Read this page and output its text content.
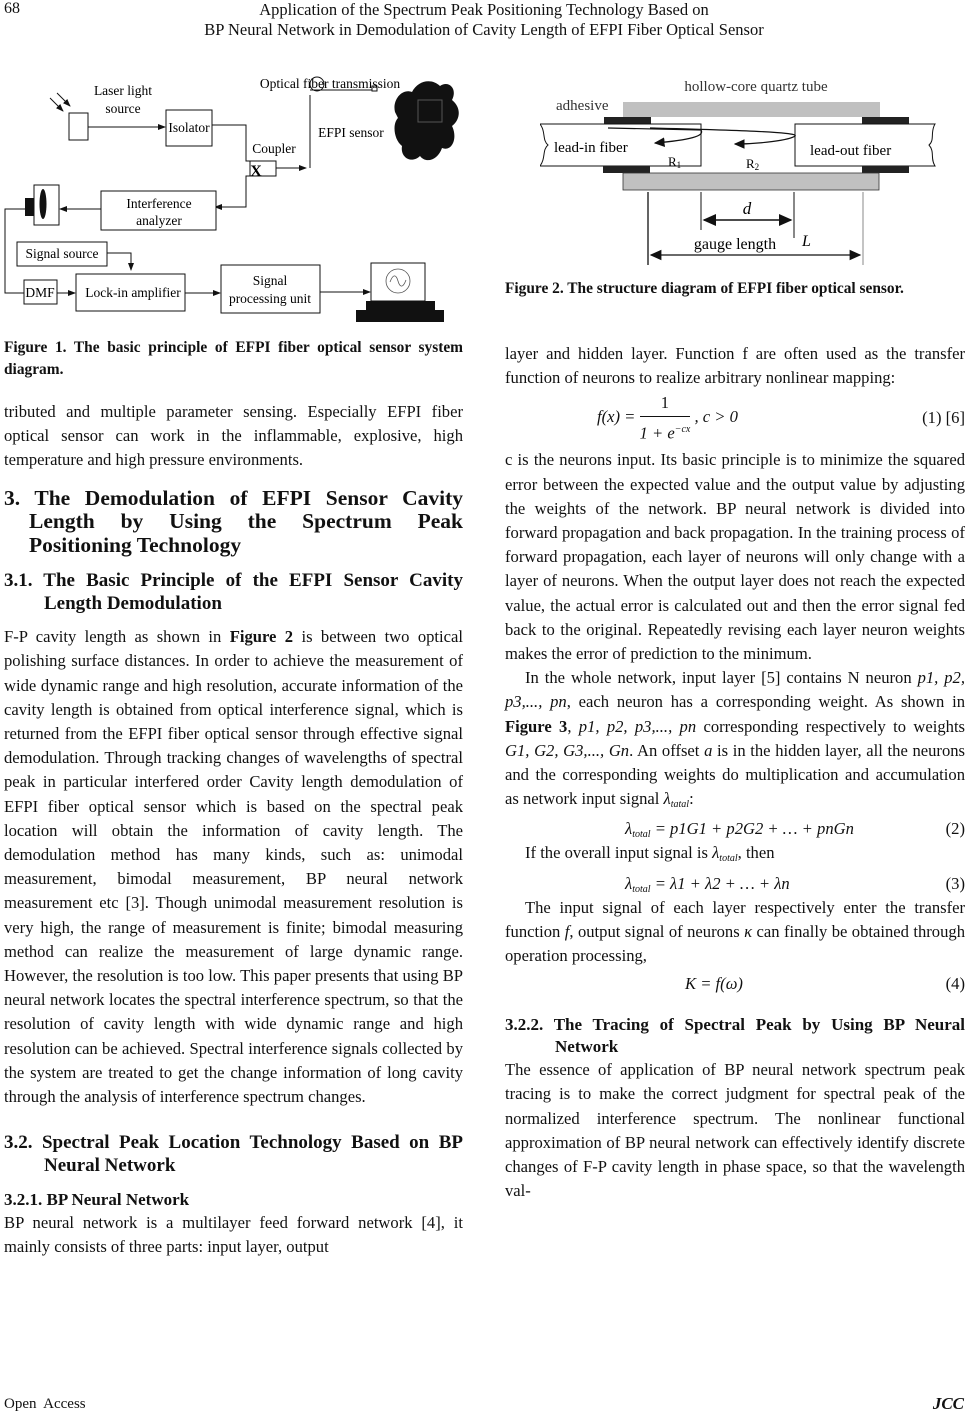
68	Application of the Spectrum Peak Positioning Technology Based on
BP Neural Network in Demodulation of Cavity Length of EFPI Fiber Optical Sensor
Laser light
source
Isolator
Coupler
X
Optical fiber transmission
EFPI sensor
Interference
analyzer
Signal source
DMF Lock-in amplifier
Signal
processing unit
Figure 1. The basic principle of EFPI fiber optical sensor system diagram.

tributed and multiple parameter sensing. Especially EFPI fiber optical sensor can work in the inflammable, explosive, high temperature and high pressure environments.

3. The Demodulation of EFPI Sensor Cavity Length by Using the Spectrum Peak Positioning Technology

3.1. The Basic Principle of the EFPI Sensor Cavity Length Demodulation

F-P cavity length as shown in Figure 2 is between two optical polishing surface distances. In order to achieve the measurement of wide dynamic range and high resolution, accurate information of the cavity length is obtained from optical interference signal, which is returned from the EFPI fiber optical sensor through effective signal demodulation. Through tracking changes of wavelengths of spectral peak in particular interfered order Cavity length demodulation of EFPI fiber optical sensor which is based on the spectral peak location will obtain the information of cavity length. The demodulation method has many kinds, such as: unimodal measurement, bimodal measurement, BP neural network measurement etc [3]. Though unimodal measurement resolution is very high, the range of measurement is finite; bimodal measuring method can realize the measurement of large dynamic range. However, the resolution is too low. This paper presents that using BP neural network locates the spectral interference spectrum, so that the resolution of cavity length with wide dynamic range and high resolution can be achieved. Spectral interference signals collected by the system are treated to get the change information of long cavity through the analysis of interference spectrum changes.

3.2. Spectral Peak Location Technology Based on BP Neural Network

3.2.1. BP Neural Network

BP neural network is a multilayer feed forward network [4], it mainly consists of three parts: input layer, output

hollow-core quartz tube
adhesive
lead-in fiber	lead-out fiber
R1	R2
d
gauge length L
Figure 2. The structure diagram of EFPI fiber optical sensor.

layer and hidden layer. Function f are often used as the transfer function of neurons to realize arbitrary nonlinear mapping:

$f(x) = \frac{1}{1 + e^{-cx}}$ , c > 0	(1) [6]

c is the neurons input. Its basic principle is to minimize the squared error between the expected value and the output value by adjusting the weights of the network. BP neural network is divided into forward propagation and back propagation. In the training process of forward propagation, each layer of neurons will only change with a layer of neurons. When the output layer does not reach the expected value, the actual error is calculated out and then the error signal fed back to the original. Repeatedly revising each layer neuron weights makes the error of prediction to the minimum.

In the whole network, input layer [5] contains N neuron p1, p2, p3,..., pn, each neuron has a corresponding weight. As shown in Figure 3, p1, p2, p3,..., pn corresponding respectively to weights G1, G2, G3,..., Gn. An offset a is in the hidden layer, all the neurons and the corresponding weights do multiplication and accumulation as network input signal $\lambda_{tatal}$:

$\lambda_{total} = p1G1 + p2G2$ + … + pnGn	(2)

If the overall input signal is $\lambda_{total}$, then

$\lambda_{total} = \lambda 1 + \lambda 2$ + … + λn	(3)

The input signal of each layer respectively enter the transfer function f, output signal of neurons κ can finally be obtained through operation processing,

K = f(ω)	(4)

3.2.2. The Tracing of Spectral Peak by Using BP Neural Network

The essence of application of BP neural network spectrum peak tracing is to make the correct judgment for spectral peak of the normalized interference spectrum. The nonlinear functional approximation of BP neural network can effectively identify discrete changes of F-P cavity length in phase space, so that the wavelength val-

Open  Access	JCC
